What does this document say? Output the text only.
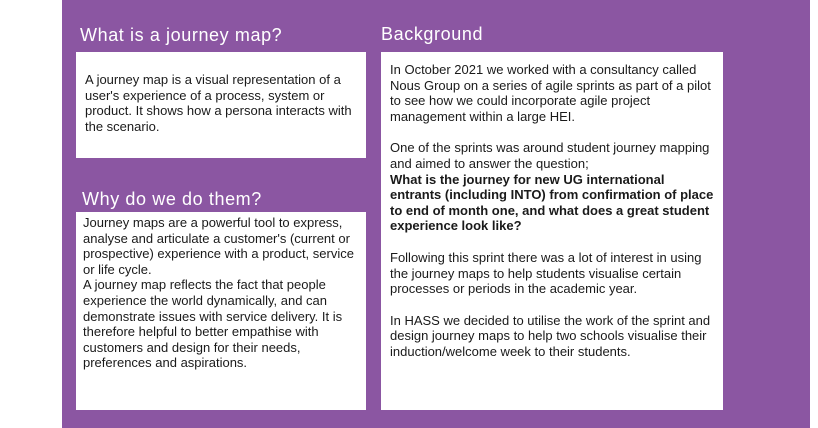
What is a journey map?

A journey map is a visual representation of a user's experience of a process, system or product. It shows how a persona interacts with the scenario.

Why do we do them?

Journey maps are a powerful tool to express, analyse and articulate a customer's (current or prospective) experience with a product, service or life cycle.

A journey map reflects the fact that people experience the world dynamically, and can demonstrate issues with service delivery. It is therefore helpful to better empathise with customers and design for their needs, preferences and aspirations.

Background

In October 2021 we worked with a consultancy called Nous Group on a series of agile sprints as part of a pilot to see how we could incorporate agile project management within a large HEI.

One of the sprints was around student journey mapping and aimed to answer the question;

What is the journey for new UG international entrants (including INTO) from confirmation of place to end of month one, and what does a great student experience look like?

Following this sprint there was a lot of interest in using the journey maps to help students visualise certain processes or periods in the academic year.

In HASS we decided to utilise the work of the sprint and design journey maps to help two schools visualise their induction/welcome week to their students.
